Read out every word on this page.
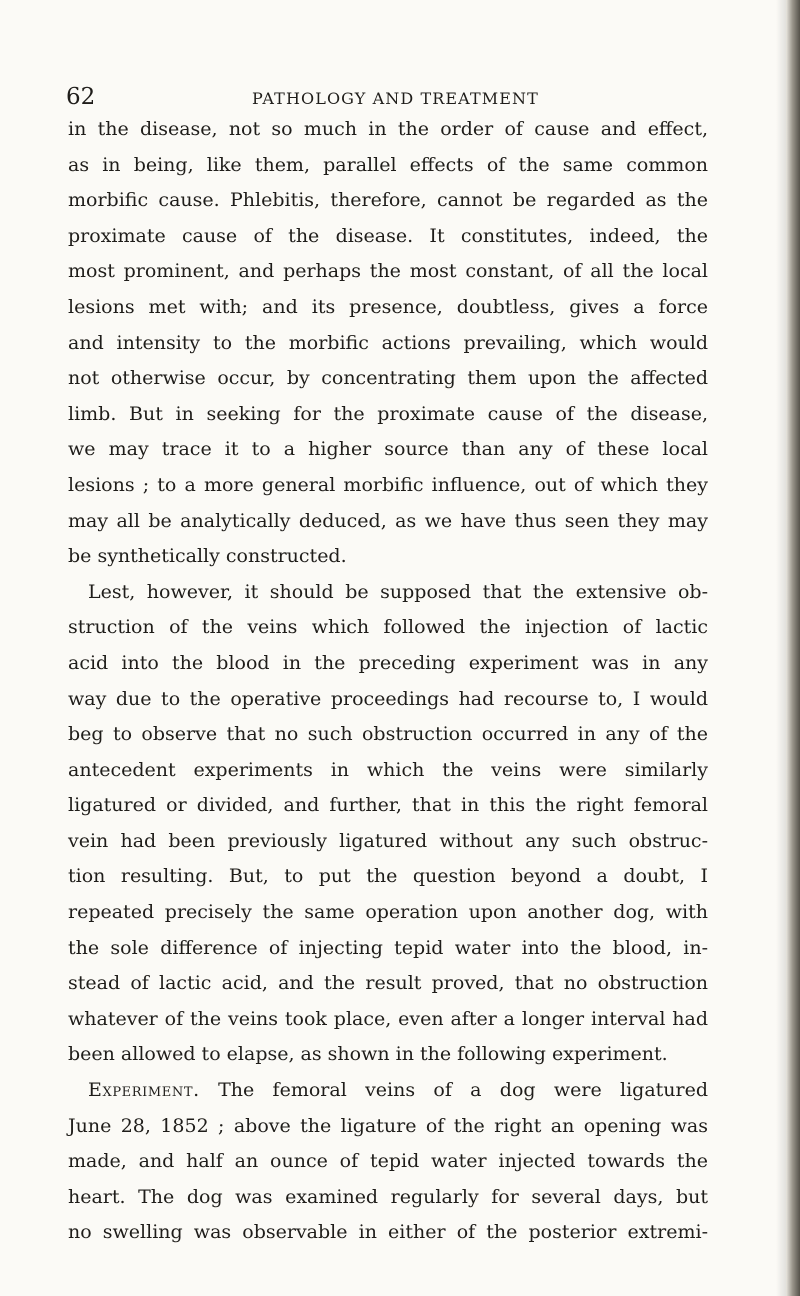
62	PATHOLOGY AND TREATMENT
in the disease, not so much in the order of cause and effect,
as in being, like them, parallel effects of the same common
morbific cause. Phlebitis, therefore, cannot be regarded as the
proximate cause of the disease. It constitutes, indeed, the
most prominent, and perhaps the most constant, of all the local
lesions met with; and its presence, doubtless, gives a force
and intensity to the morbific actions prevailing, which would
not otherwise occur, by concentrating them upon the affected
limb. But in seeking for the proximate cause of the disease,
we may trace it to a higher source than any of these local
lesions ; to a more general morbific influence, out of which they
may all be analytically deduced, as we have thus seen they may
be synthetically constructed.
Lest, however, it should be supposed that the extensive ob-
struction of the veins which followed the injection of lactic
acid into the blood in the preceding experiment was in any
way due to the operative proceedings had recourse to, I would
beg to observe that no such obstruction occurred in any of the
antecedent experiments in which the veins were similarly
ligatured or divided, and further, that in this the right femoral
vein had been previously ligatured without any such obstruc-
tion resulting. But, to put the question beyond a doubt, I
repeated precisely the same operation upon another dog, with
the sole difference of injecting tepid water into the blood, in-
stead of lactic acid, and the result proved, that no obstruction
whatever of the veins took place, even after a longer interval had
been allowed to elapse, as shown in the following experiment.
Experiment. The femoral veins of a dog were ligatured
June 28, 1852 ; above the ligature of the right an opening was
made, and half an ounce of tepid water injected towards the
heart. The dog was examined regularly for several days, but
no swelling was observable in either of the posterior extremi-
